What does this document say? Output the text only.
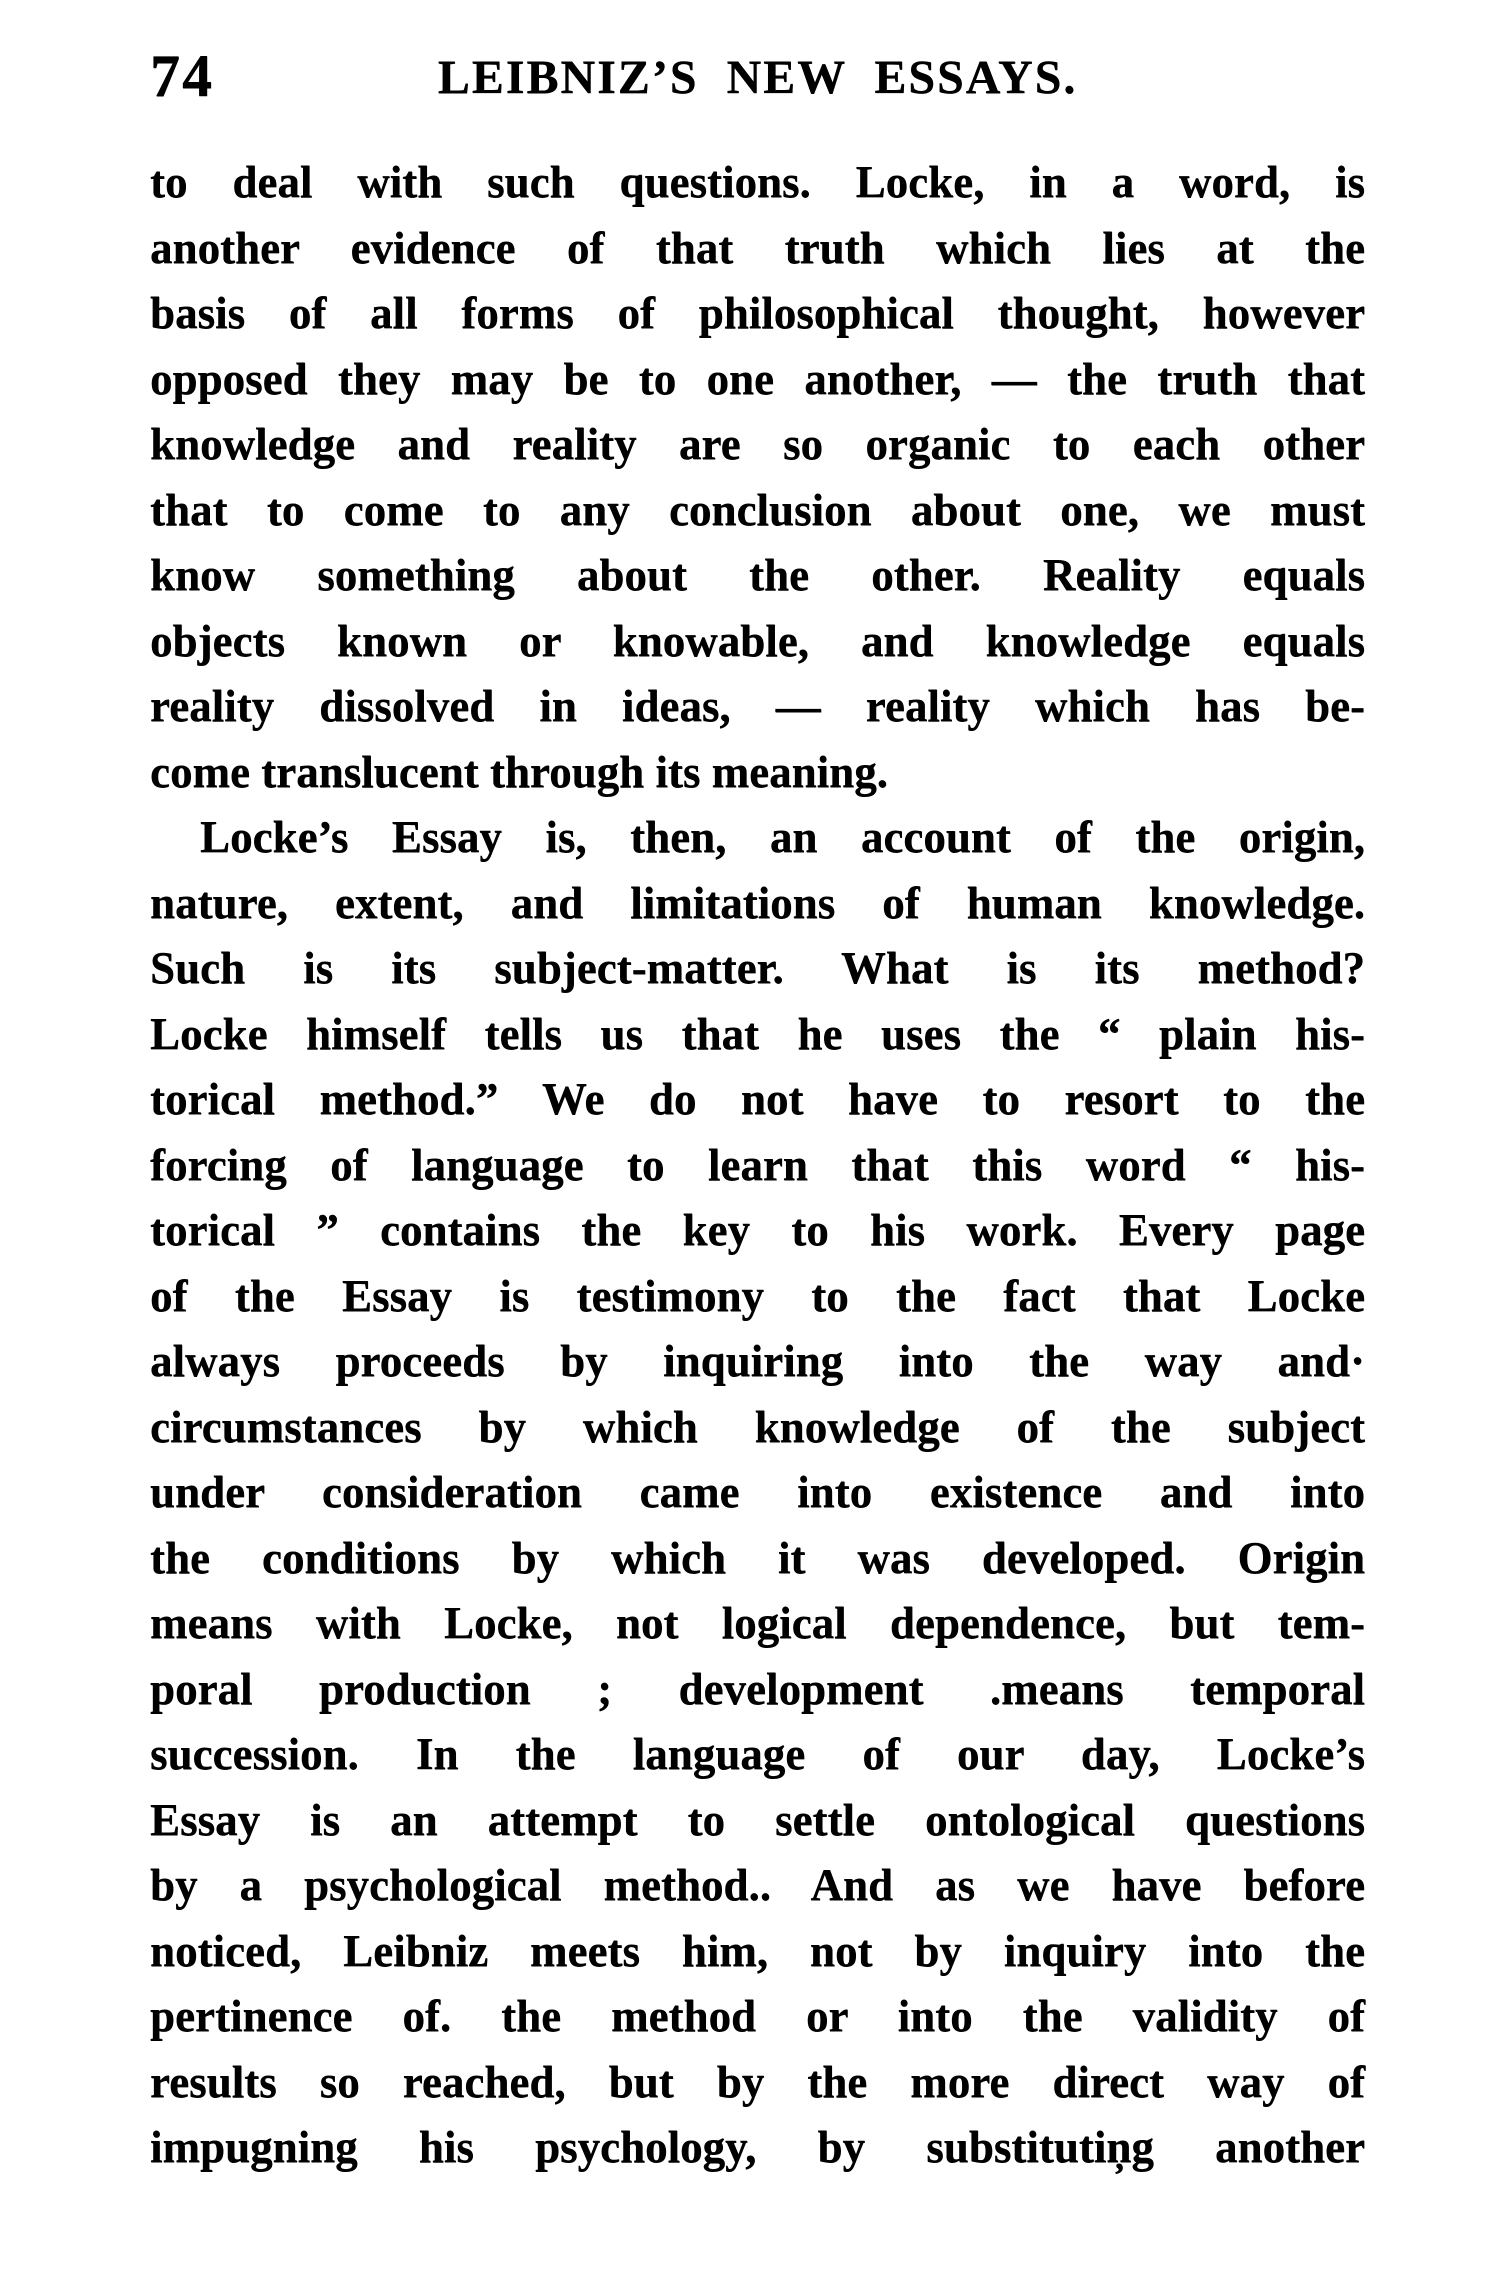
74	LEIBNIZ’S NEW ESSAYS.
to deal with such questions. Locke, in a word, is
another evidence of that truth which lies at the
basis of all forms of philosophical thought, however
opposed they may be to one another, — the truth that
knowledge and reality are so organic to each other
that to come to any conclusion about one, we must
know something about the other. Reality equals
objects known or knowable, and knowledge equals
reality dissolved in ideas, — reality which has be-
come translucent through its meaning.
Locke’s Essay is, then, an account of the origin,
nature, extent, and limitations of human knowledge.
Such is its subject-matter. What is its method?
Locke himself tells us that he uses the “ plain his-
torical method.” We do not have to resort to the
forcing of language to learn that this word “ his-
torical ” contains the key to his work. Every page
of the Essay is testimony to the fact that Locke
always proceeds by inquiring into the way and·
circumstances by which knowledge of the subject
under consideration came into existence and into
the conditions by which it was developed. Origin
means with Locke, not logical dependence, but tem-
poral production ; development .means temporal
succession. In the language of our day, Locke’s
Essay is an attempt to settle ontological questions
by a psychological method.. And as we have before
noticed, Leibniz meets him, not by inquiry into the
pertinence of. the method or into the validity of
results so reached, but by the more direct way of
impugning his psychology, by substitutiņg another
